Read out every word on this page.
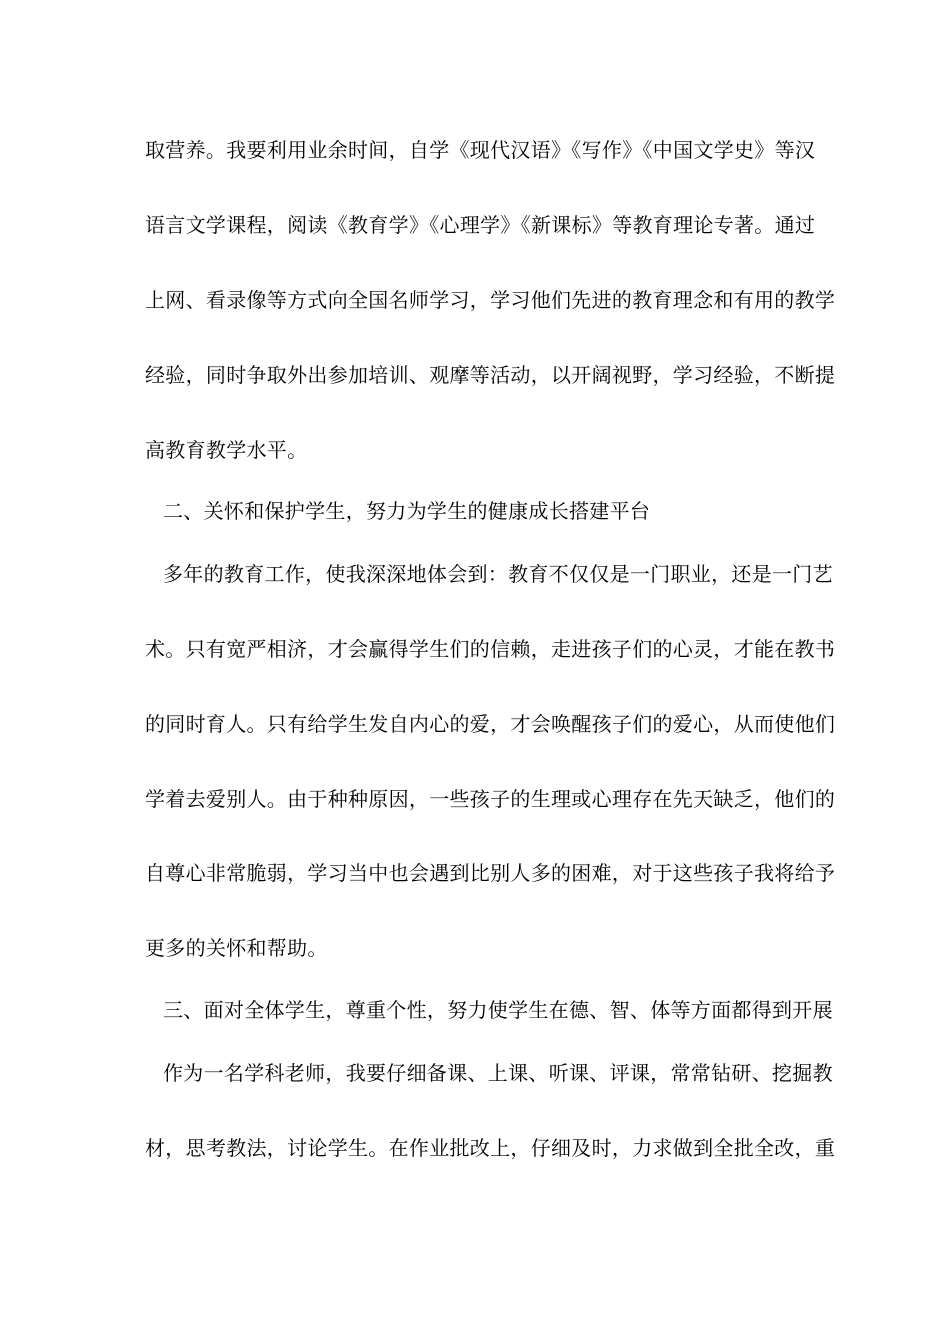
取营养。我要利用业余时间，自学《现代汉语》《写作》《中国文学史》等汉
语言文学课程，阅读《教育学》《心理学》《新课标》等教育理论专著。通过
上网、看录像等方式向全国名师学习，学习他们先进的教育理念和有用的教学
经验，同时争取外出参加培训、观摩等活动，以开阔视野，学习经验，不断提
高教育教学水平。
二、关怀和保护学生，努力为学生的健康成长搭建平台
多年的教育工作，使我深深地体会到：教育不仅仅是一门职业，还是一门艺
术。只有宽严相济，才会赢得学生们的信赖，走进孩子们的心灵，才能在教书
的同时育人。只有给学生发自内心的爱，才会唤醒孩子们的爱心，从而使他们
学着去爱别人。由于种种原因，一些孩子的生理或心理存在先天缺乏，他们的
自尊心非常脆弱，学习当中也会遇到比别人多的困难，对于这些孩子我将给予
更多的关怀和帮助。
三、面对全体学生，尊重个性，努力使学生在德、智、体等方面都得到开展
作为一名学科老师，我要仔细备课、上课、听课、评课，常常钻研、挖掘教
材，思考教法，讨论学生。在作业批改上，仔细及时，力求做到全批全改，重
